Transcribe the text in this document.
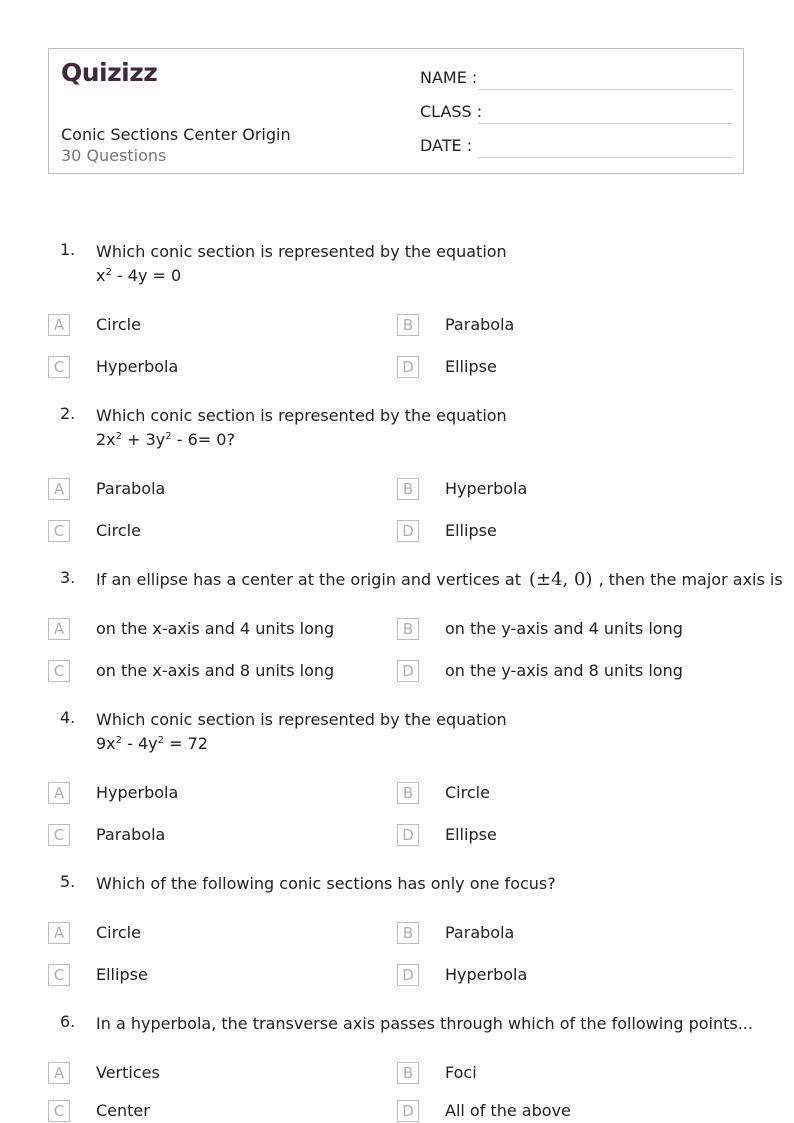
Quizizz
Conic Sections Center Origin
30 Questions
NAME :
CLASS :
DATE :
1. Which conic section is represented by the equation
$x^2 - 4y = 0$
A	Circle	B	Parabola
C	Hyperbola	D	Ellipse
2. Which conic section is represented by the equation
$2x^2 + 3y^2 - 6= 0$?
A	Parabola	B	Hyperbola
C	Circle	D	Ellipse
3. If an ellipse has a center at the origin and vertices at (±4, 0) , then the major axis is
A	on the x-axis and 4 units long	B	on the y-axis and 4 units long
C	on the x-axis and 8 units long	D	on the y-axis and 8 units long
4. Which conic section is represented by the equation
$9x^2 - 4y^2 = 72$
A	Hyperbola	B	Circle
C	Parabola	D	Ellipse
5. Which of the following conic sections has only one focus?
A	Circle	B	Parabola
C	Ellipse	D	Hyperbola
6. In a hyperbola, the transverse axis passes through which of the following points...
A	Vertices	B	Foci
C	Center	D	All of the above
